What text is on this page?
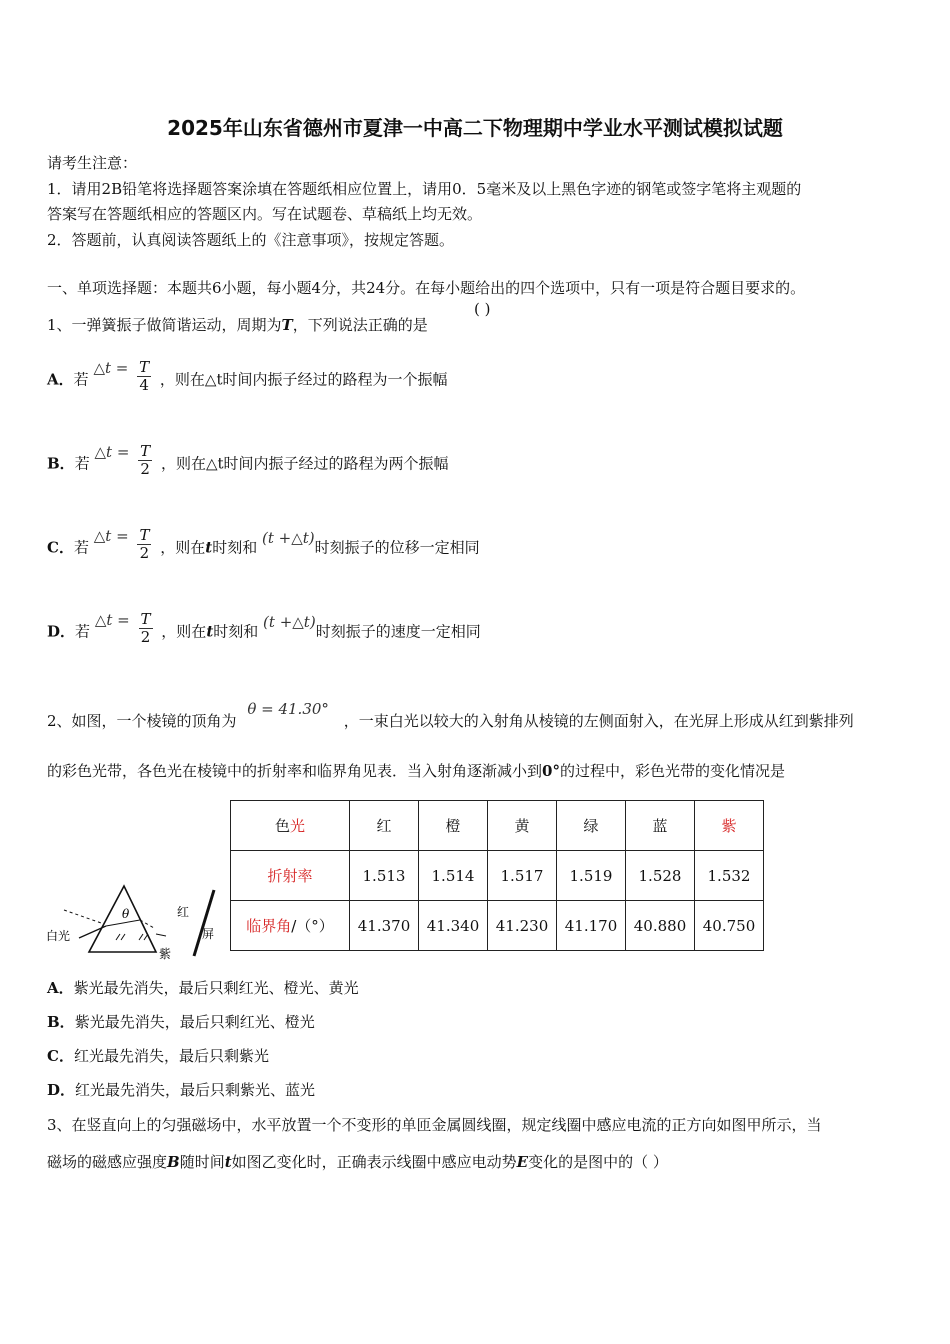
2025年山东省德州市夏津一中高二下物理期中学业水平测试模拟试题
请考生注意：
1．请用2B铅笔将选择题答案涂填在答题纸相应位置上，请用0．5毫米及以上黑色字迹的钢笔或签字笔将主观题的
答案写在答题纸相应的答题区内。写在试题卷、草稿纸上均无效。
2．答题前，认真阅读答题纸上的《注意事项》，按规定答题。
一、单项选择题：本题共6小题，每小题4分，共24分。在每小题给出的四个选项中，只有一项是符合题目要求的。
1、一弹簧振子做简谐运动，周期为T，下列说法正确的是
( )
A．若 △t = $\frac{T}{4}$ ，则在△t时间内振子经过的路程为一个振幅
B．若 △t = $\frac{T}{2}$ ，则在△t时间内振子经过的路程为两个振幅
C．若 △t = $\frac{T}{2}$ ，则在t时刻和 (t +△t)时刻振子的位移一定相同
D．若 △t = $\frac{T}{2}$ ，则在t时刻和 (t +△t)时刻振子的速度一定相同
2、如图，一个棱镜的顶角为 θ = 41.30° ，一束白光以较大的入射角从棱镜的左侧面射入，在光屏上形成从红到紫排列
的彩色光带，各色光在棱镜中的折射率和临界角见表．当入射角逐渐减小到0°的过程中，彩色光带的变化情况是
θ
白光
红
紫
屏
色光	红	橙	黄	绿	蓝	紫
折射率	1.513	1.514	1.517	1.519	1.528	1.532
临界角/（°）	41.370	41.340	41.230	41.170	40.880	40.750
A．紫光最先消失，最后只剩红光、橙光、黄光
B．紫光最先消失，最后只剩红光、橙光
C．红光最先消失，最后只剩紫光
D．红光最先消失，最后只剩紫光、蓝光
3、在竖直向上的匀强磁场中，水平放置一个不变形的单匝金属圆线圈，规定线圈中感应电流的正方向如图甲所示，当
磁场的磁感应强度B随时间t如图乙变化时，正确表示线圈中感应电动势E变化的是图中的（ ）
